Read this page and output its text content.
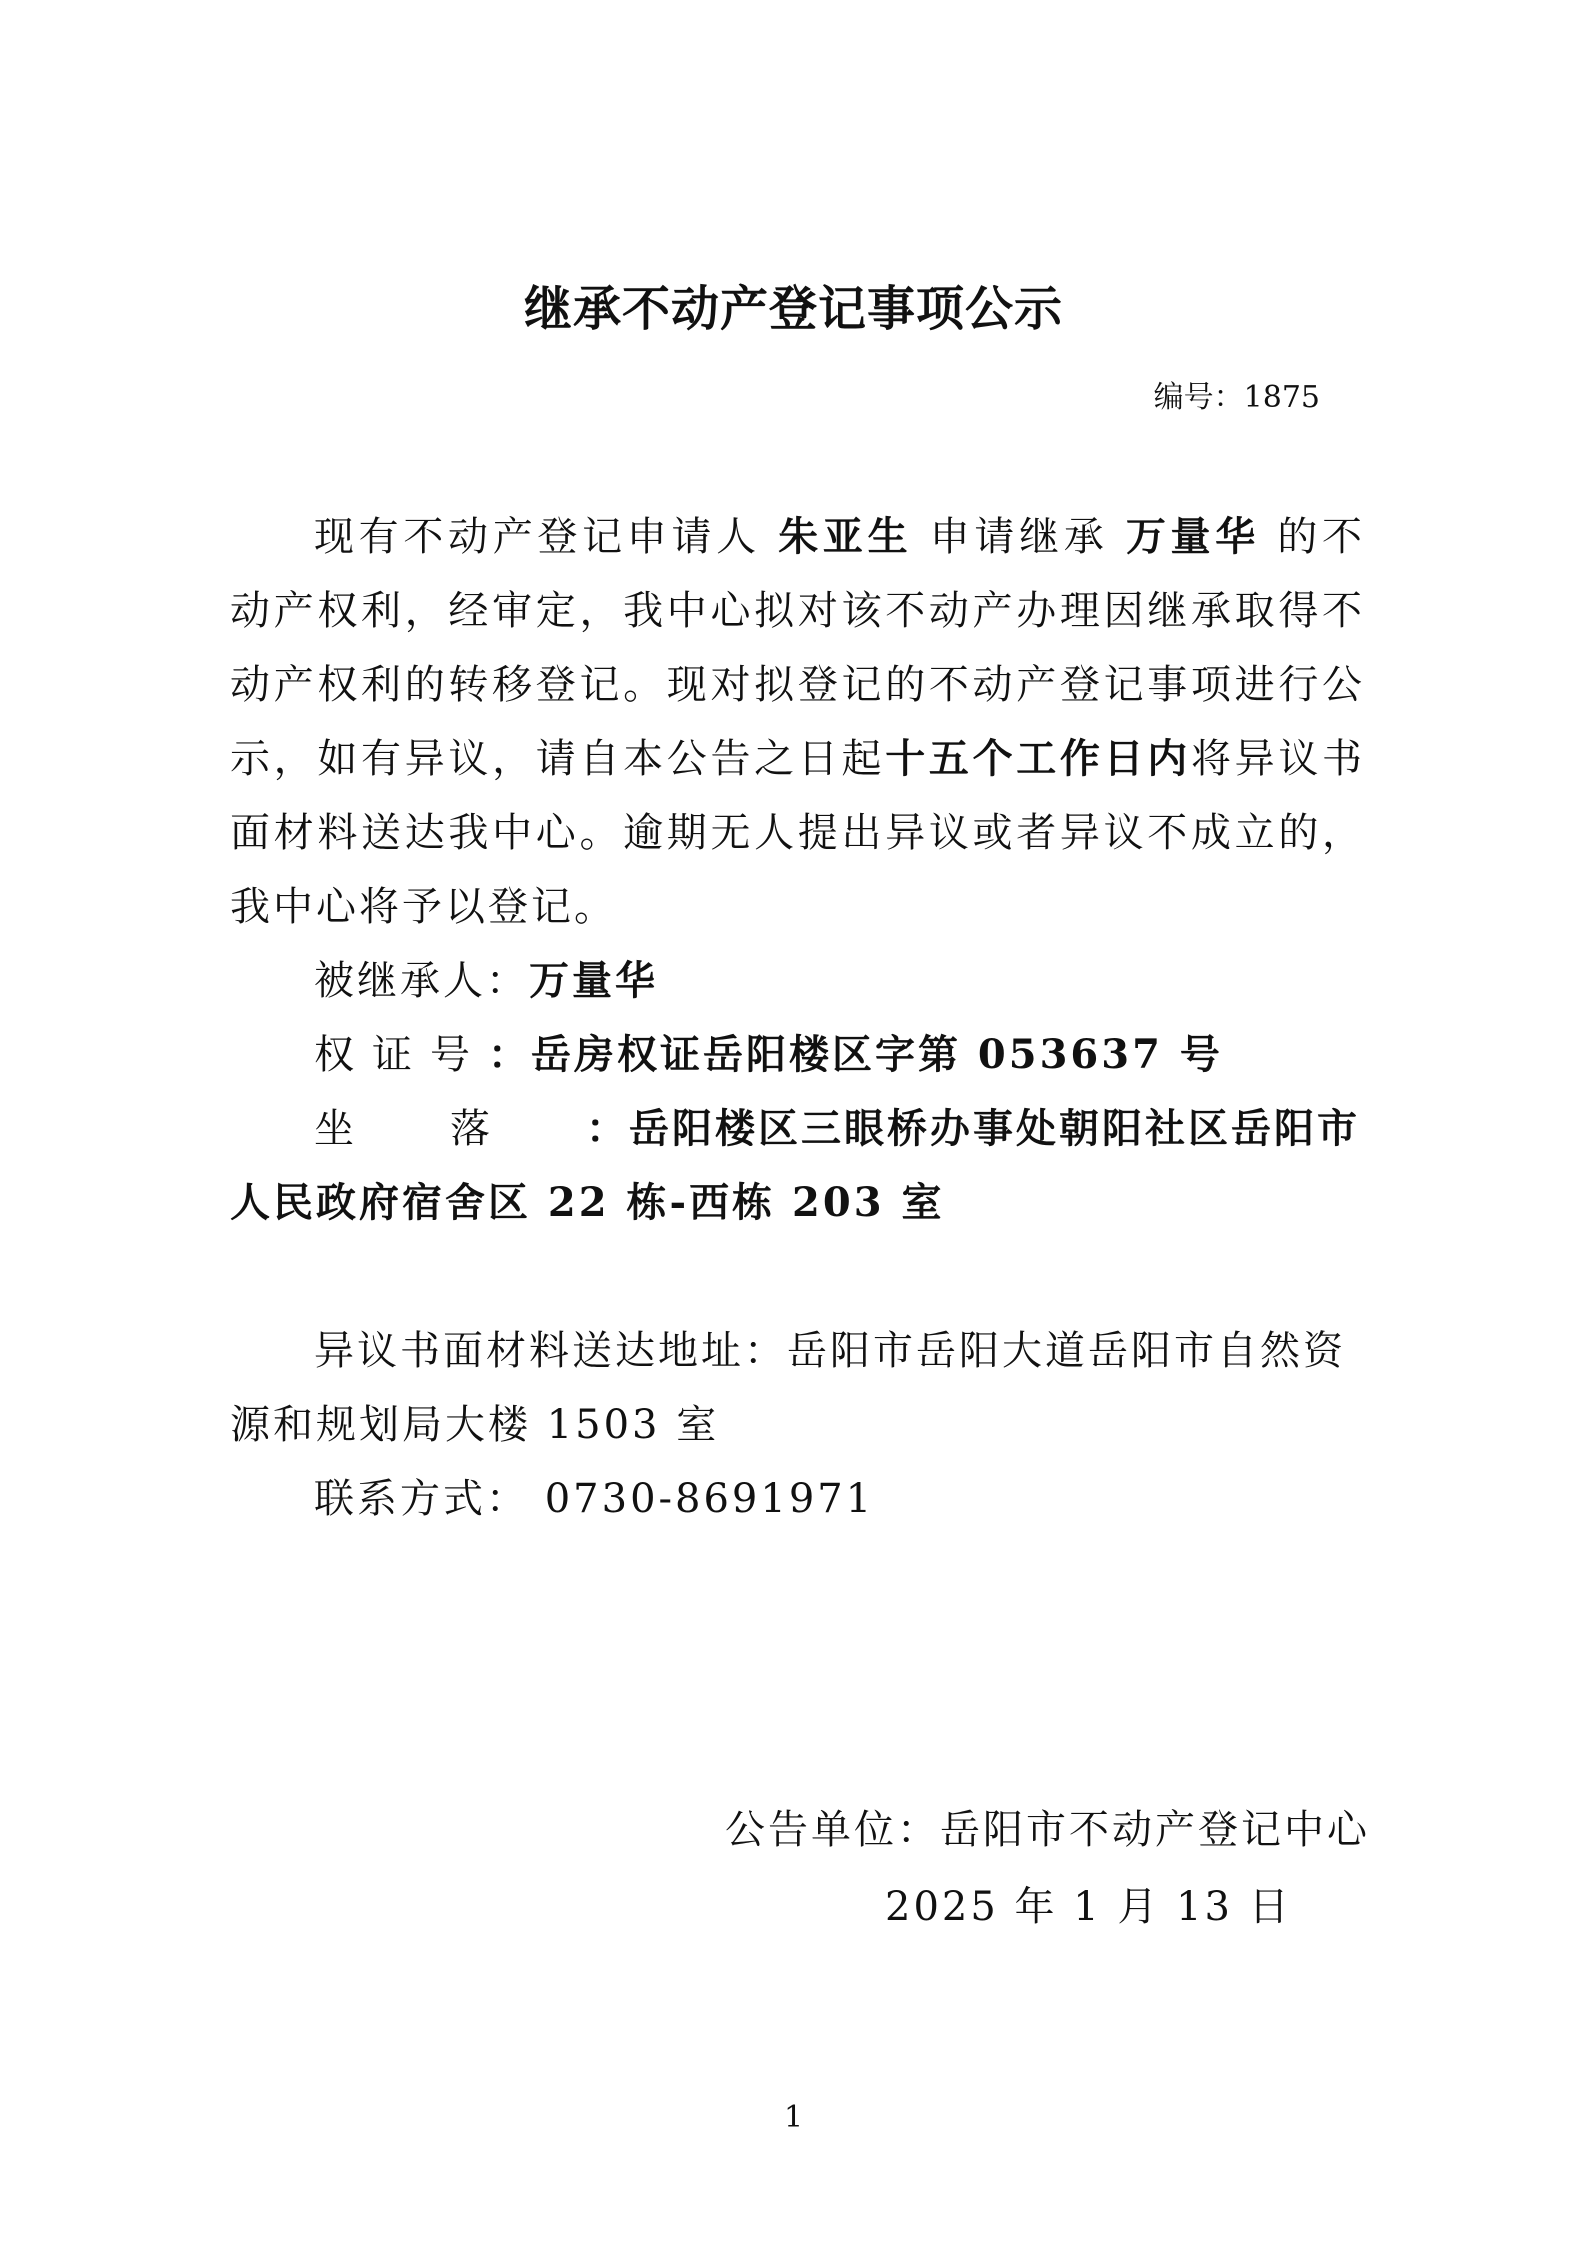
继承不动产登记事项公示
编号：1875

现有不动产登记申请人 朱亚生 申请继承 万量华 的不动产权利，经审定，我中心拟对该不动产办理因继承取得不动产权利的转移登记。现对拟登记的不动产登记事项进行公示，如有异议，请自本公告之日起十五个工作日内将异议书面材料送达我中心。逾期无人提出异议或者异议不成立的，我中心将予以登记。

被继承人：万量华

权证号：岳房权证岳阳楼区字第 053637 号

坐落：岳阳楼区三眼桥办事处朝阳社区岳阳市人民政府宿舍区 22 栋-西栋 203 室

异议书面材料送达地址：岳阳市岳阳大道岳阳市自然资源和规划局大楼 1503 室

联系方式： 0730-8691971

公告单位：岳阳市不动产登记中心
2025 年 1 月 13 日
1
